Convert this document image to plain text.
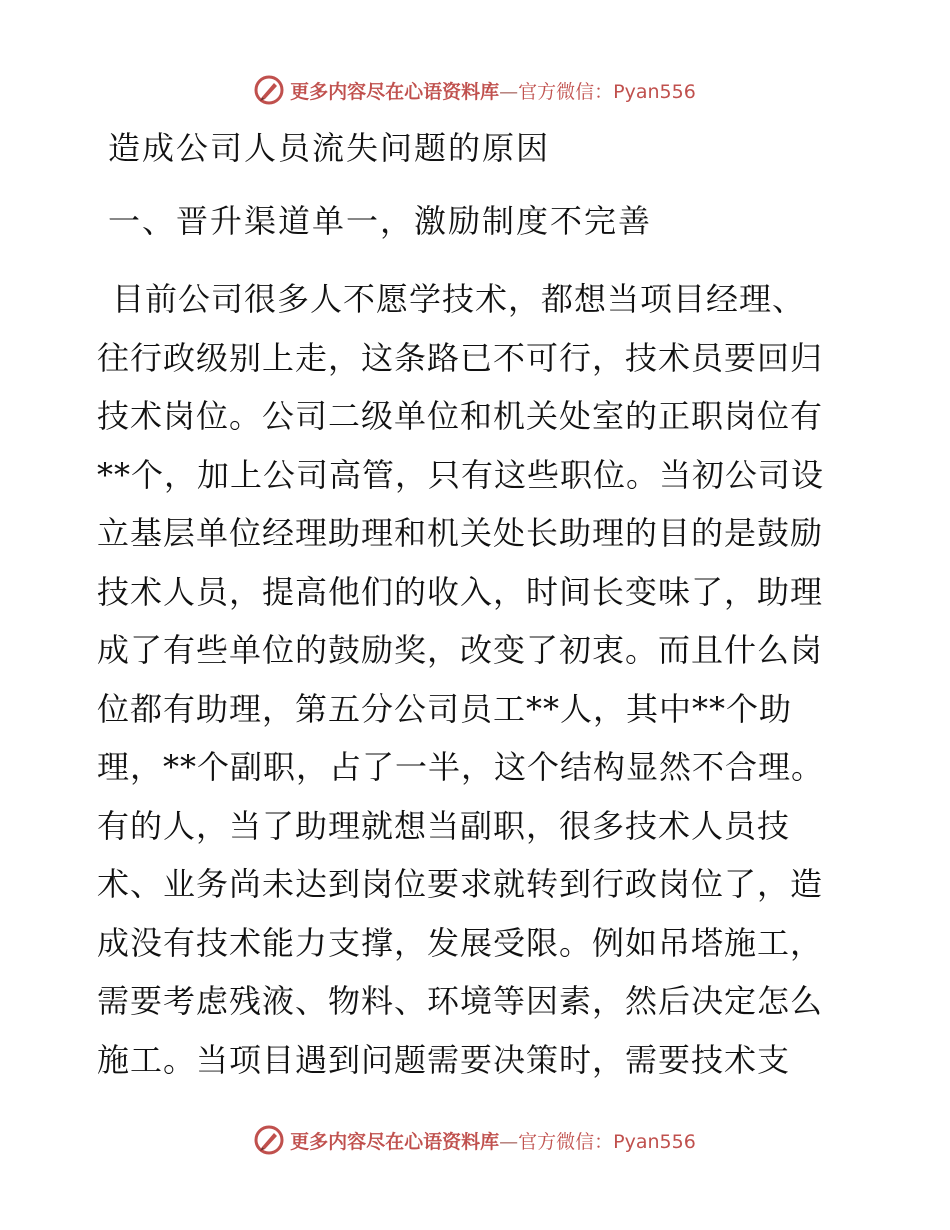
更多内容尽在心语资料库—官方微信：Pyan556
造成公司人员流失问题的原因
一、晋升渠道单一，激励制度不完善
目前公司很多人不愿学技术，都想当项目经理、
往行政级别上走，这条路已不可行，技术员要回归
技术岗位。公司二级单位和机关处室的正职岗位有
**个，加上公司高管，只有这些职位。当初公司设
立基层单位经理助理和机关处长助理的目的是鼓励
技术人员，提高他们的收入，时间长变味了，助理
成了有些单位的鼓励奖，改变了初衷。而且什么岗
位都有助理，第五分公司员工**人，其中**个助
理，**个副职，占了一半，这个结构显然不合理。
有的人，当了助理就想当副职，很多技术人员技
术、业务尚未达到岗位要求就转到行政岗位了，造
成没有技术能力支撑，发展受限。例如吊塔施工，
需要考虑残液、物料、环境等因素，然后决定怎么
施工。当项目遇到问题需要决策时，需要技术支
更多内容尽在心语资料库—官方微信：Pyan556
